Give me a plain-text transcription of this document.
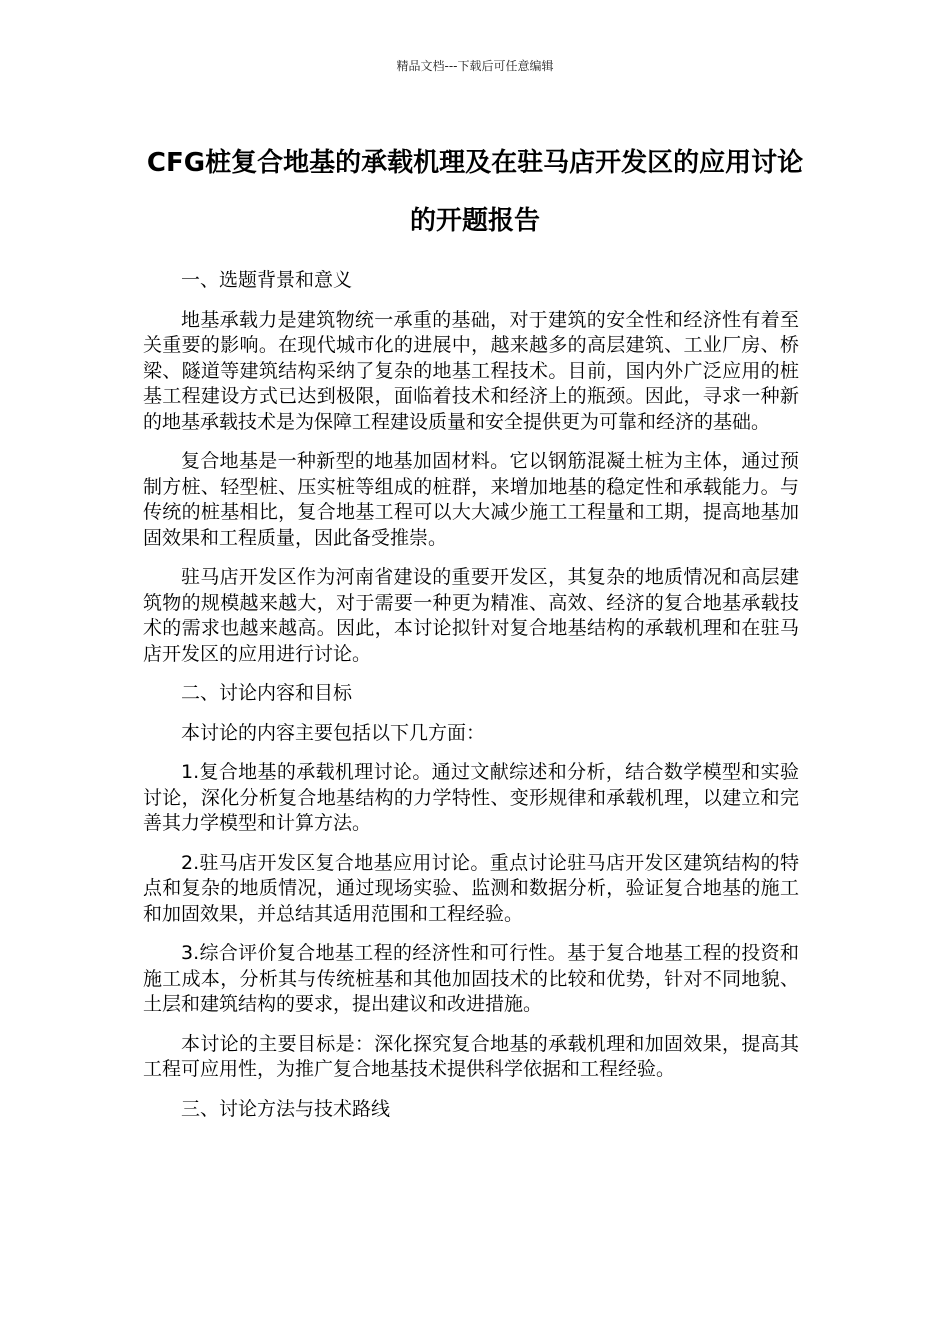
精品文档---下载后可任意编辑
CFG桩复合地基的承载机理及在驻马店开发区的应用讨论的开题报告

一、选题背景和意义

地基承载力是建筑物统一承重的基础，对于建筑的安全性和经济性有着至关重要的影响。在现代城市化的进展中，越来越多的高层建筑、工业厂房、桥梁、隧道等建筑结构采纳了复杂的地基工程技术。目前，国内外广泛应用的桩基工程建设方式已达到极限，面临着技术和经济上的瓶颈。因此，寻求一种新的地基承载技术是为保障工程建设质量和安全提供更为可靠和经济的基础。

复合地基是一种新型的地基加固材料。它以钢筋混凝土桩为主体，通过预制方桩、轻型桩、压实桩等组成的桩群，来增加地基的稳定性和承载能力。与传统的桩基相比，复合地基工程可以大大减少施工工程量和工期，提高地基加固效果和工程质量，因此备受推崇。

驻马店开发区作为河南省建设的重要开发区，其复杂的地质情况和高层建筑物的规模越来越大，对于需要一种更为精准、高效、经济的复合地基承载技术的需求也越来越高。因此，本讨论拟针对复合地基结构的承载机理和在驻马店开发区的应用进行讨论。

二、讨论内容和目标

本讨论的内容主要包括以下几方面：

1.复合地基的承载机理讨论。通过文献综述和分析，结合数学模型和实验讨论，深化分析复合地基结构的力学特性、变形规律和承载机理，以建立和完善其力学模型和计算方法。

2.驻马店开发区复合地基应用讨论。重点讨论驻马店开发区建筑结构的特点和复杂的地质情况，通过现场实验、监测和数据分析，验证复合地基的施工和加固效果，并总结其适用范围和工程经验。

3.综合评价复合地基工程的经济性和可行性。基于复合地基工程的投资和施工成本，分析其与传统桩基和其他加固技术的比较和优势，针对不同地貌、土层和建筑结构的要求，提出建议和改进措施。

本讨论的主要目标是：深化探究复合地基的承载机理和加固效果，提高其工程可应用性，为推广复合地基技术提供科学依据和工程经验。

三、讨论方法与技术路线
